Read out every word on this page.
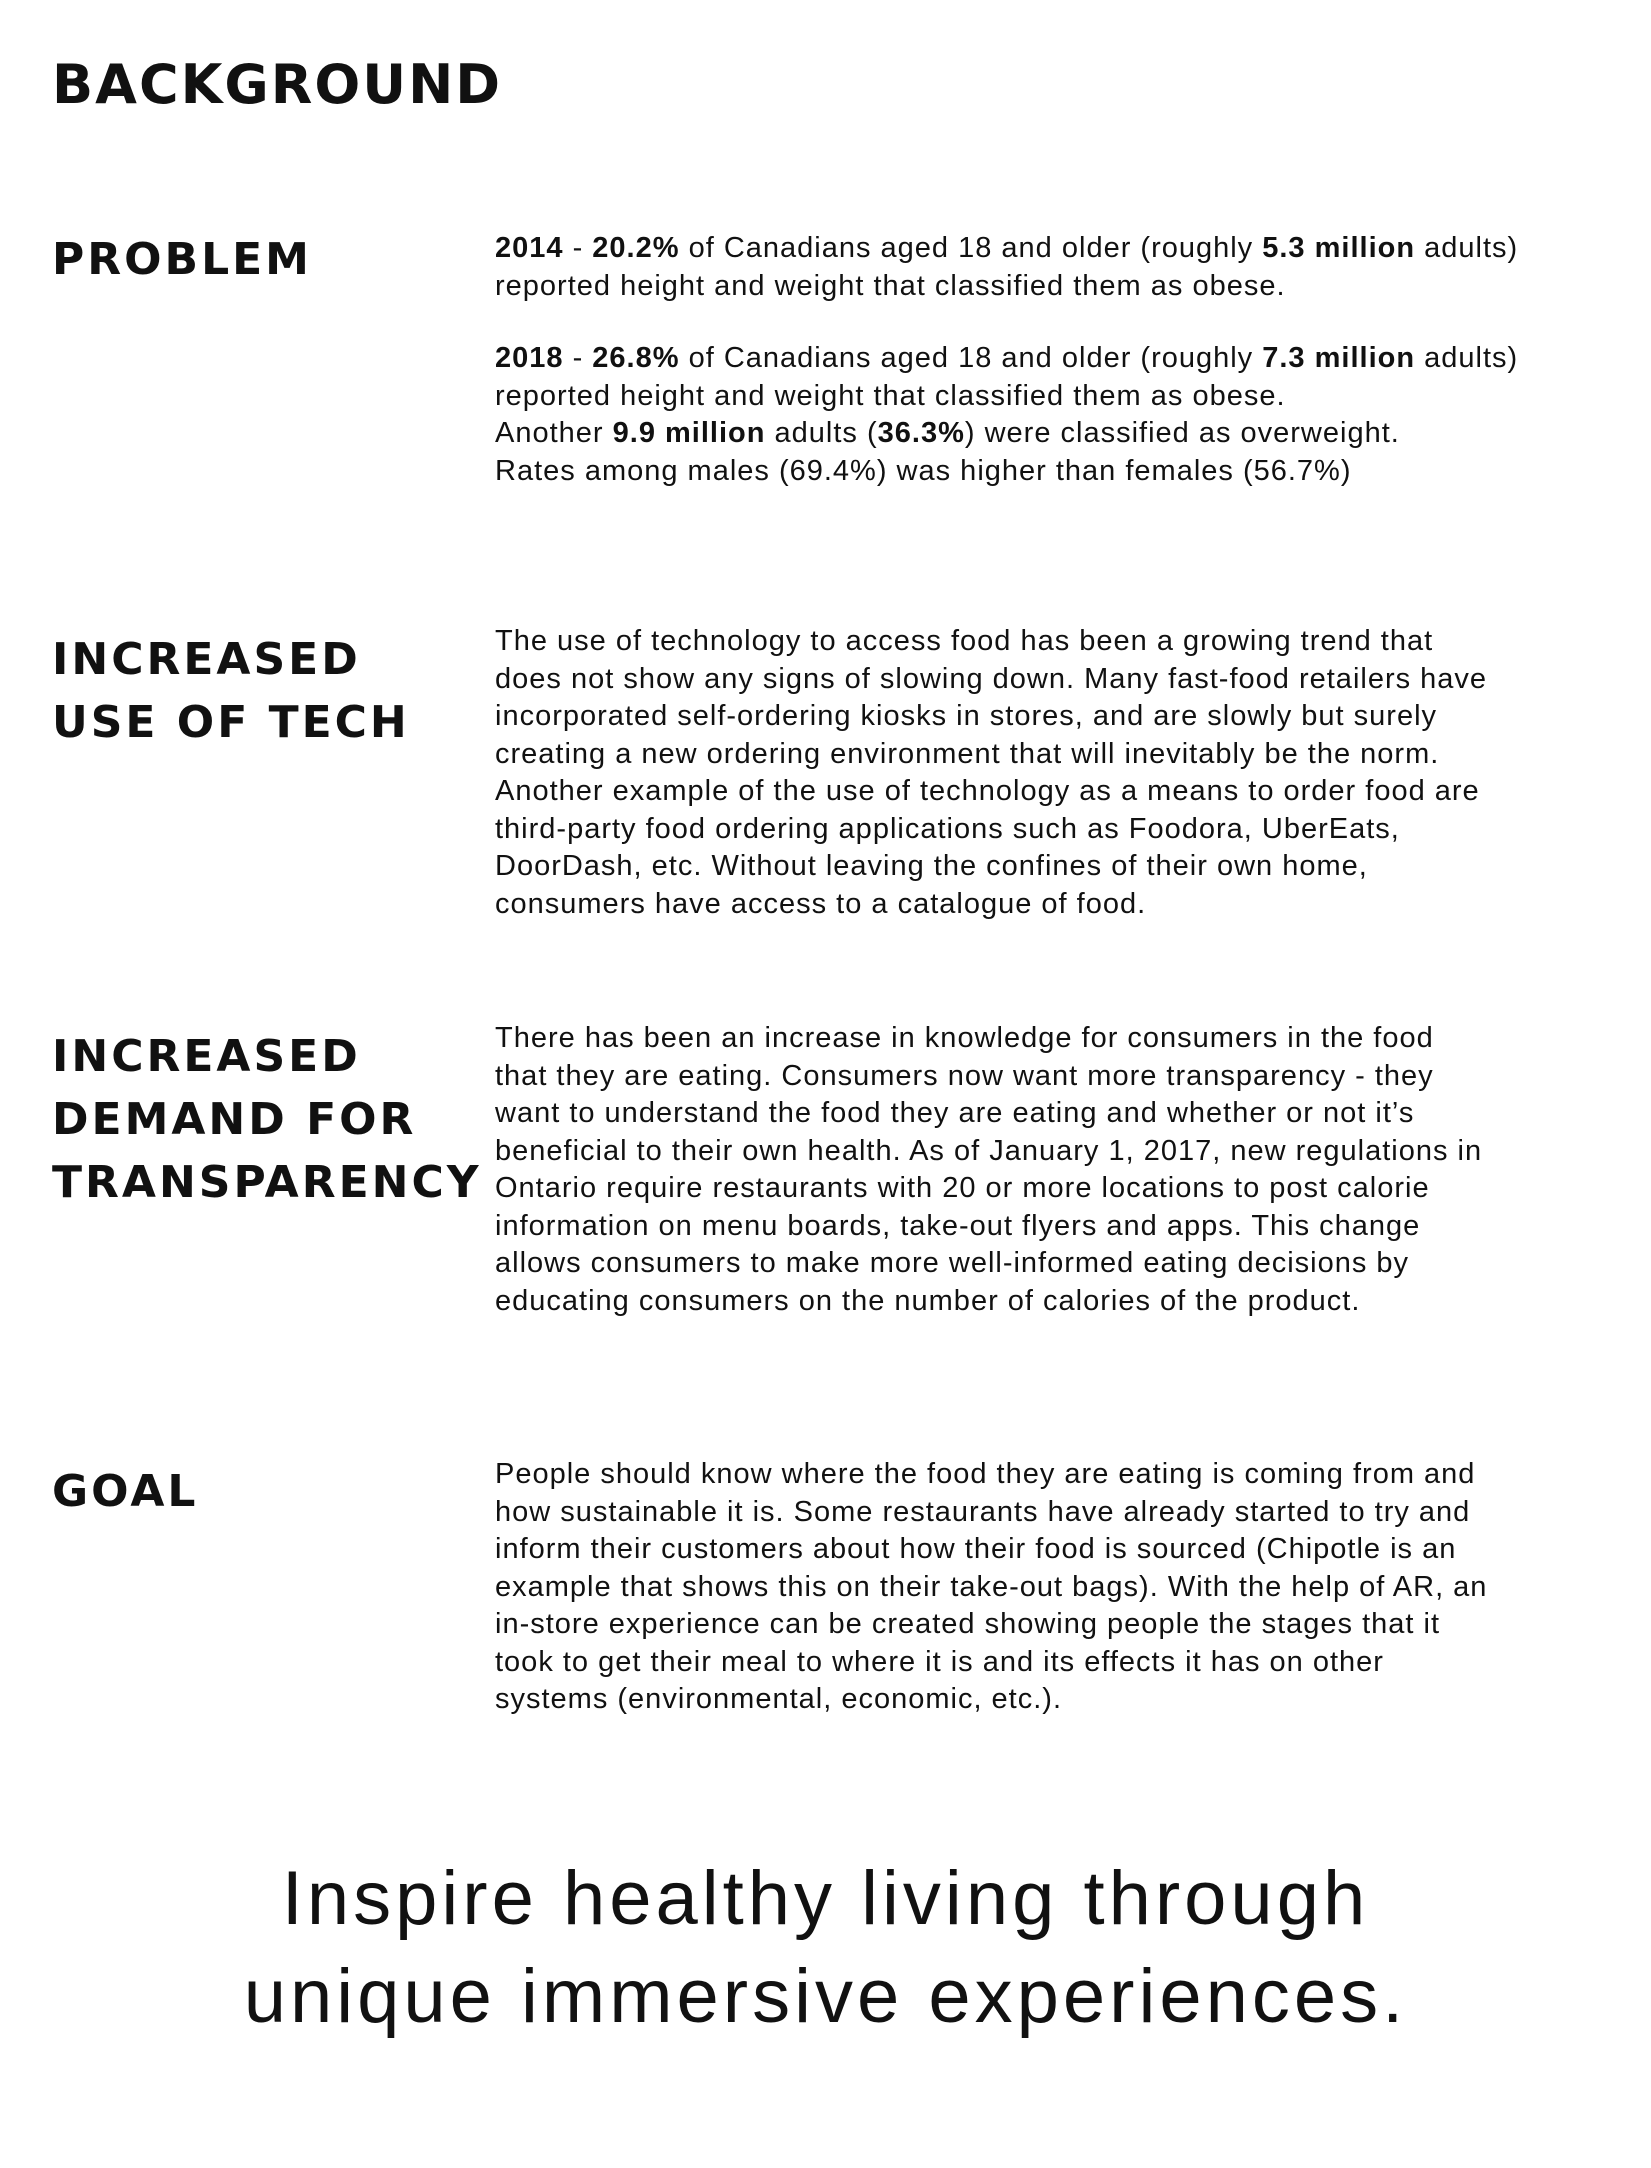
BACKGROUND
PROBLEM	2014 - 20.2% of Canadians aged 18 and older (roughly 5.3 million adults)
reported height and weight that classified them as obese.

2018 - 26.8% of Canadians aged 18 and older (roughly 7.3 million adults)
reported height and weight that classified them as obese.
Another 9.9 million adults (36.3%) were classified as overweight.
Rates among males (69.4%) was higher than females (56.7%)

INCREASED
USE OF TECH

The use of technology to access food has been a growing trend that
does not show any signs of slowing down. Many fast-food retailers have
incorporated self-ordering kiosks in stores, and are slowly but surely
creating a new ordering environment that will inevitably be the norm.
Another example of the use of technology as a means to order food are
third-party food ordering applications such as Foodora, UberEats,
DoorDash, etc. Without leaving the confines of their own home,
consumers have access to a catalogue of food.

INCREASED
DEMAND FOR
TRANSPARENCY

There has been an increase in knowledge for consumers in the food
that they are eating. Consumers now want more transparency - they
want to understand the food they are eating and whether or not it’s
beneficial to their own health. As of January 1, 2017, new regulations in
Ontario require restaurants with 20 or more locations to post calorie
information on menu boards, take-out flyers and apps. This change
allows consumers to make more well-informed eating decisions by
educating consumers on the number of calories of the product.

GOAL	People should know where the food they are eating is coming from and
how sustainable it is. Some restaurants have already started to try and
inform their customers about how their food is sourced (Chipotle is an
example that shows this on their take-out bags). With the help of AR, an
in-store experience can be created showing people the stages that it
took to get their meal to where it is and its effects it has on other
systems (environmental, economic, etc.).

Inspire healthy living through
unique immersive experiences.
